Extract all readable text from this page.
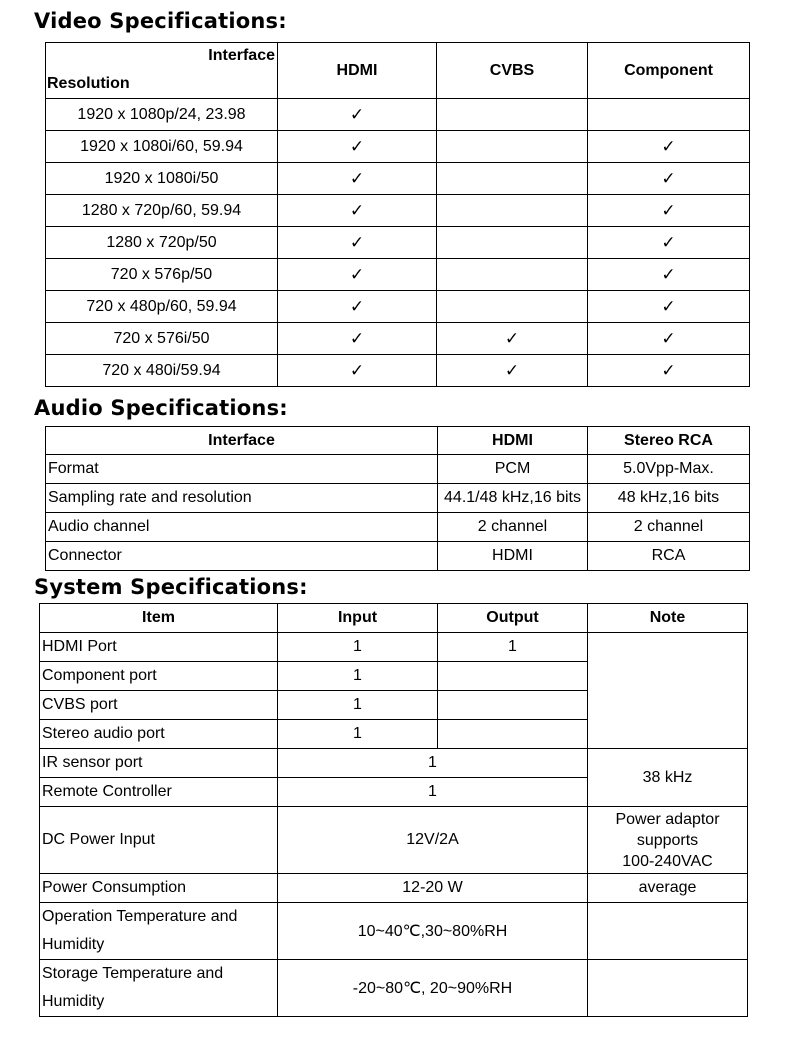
Video Specifications:
Interface
Resolution	HDMI	CVBS	Component
1920 x 1080p/24, 23.98	✓		
1920 x 1080i/60, 59.94	✓		✓
1920 x 1080i/50	✓		✓
1280 x 720p/60, 59.94	✓		✓
1280 x 720p/50	✓		✓
720 x 576p/50	✓		✓
720 x 480p/60, 59.94	✓		✓
720 x 576i/50	✓	✓	✓
720 x 480i/59.94	✓	✓	✓
Audio Specifications:
Interface	HDMI	Stereo RCA
Format	PCM	5.0Vpp-Max.
Sampling rate and resolution	44.1/48 kHz,16 bits	48 kHz,16 bits
Audio channel	2 channel	2 channel
Connector	HDMI	RCA
System Specifications:
Item	Input	Output	Note
HDMI Port	1	1	
Component port	1		
CVBS port	1		
Stereo audio port	1		
IR sensor port	1		38 kHz
Remote Controller	1		
DC Power Input	12V/2A		Power adaptor
supports
100-240VAC

Power Consumption	12-20 W		average

Operation Temperature and
Humidity	10~40℃,30~80%RH		

Storage Temperature and
Humidity	-20~80℃, 20~90%RH		
